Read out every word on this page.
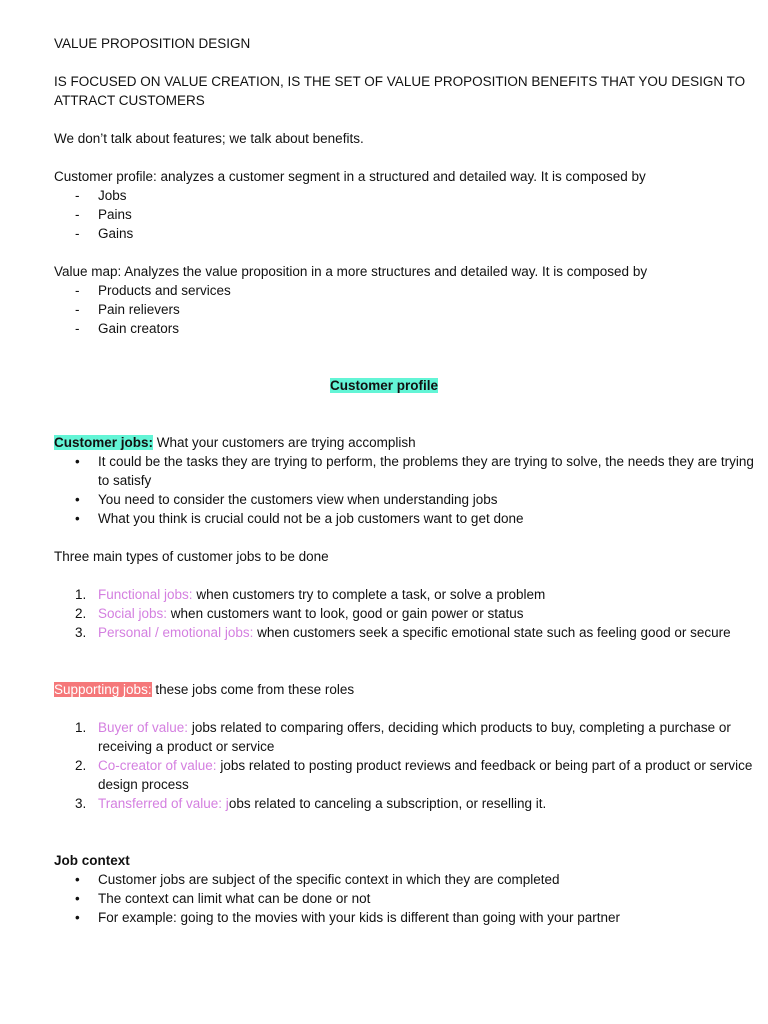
VALUE PROPOSITION DESIGN

IS FOCUSED ON VALUE CREATION, IS THE SET OF VALUE PROPOSITION BENEFITS THAT YOU DESIGN TO ATTRACT CUSTOMERS

We don’t talk about features; we talk about benefits.

Customer profile: analyzes a customer segment in a structured and detailed way. It is composed by

-	Jobs
-	Pains
-	Gains

Value map: Analyzes the value proposition in a more structures and detailed way. It is composed by

-	Products and services
-	Pain relievers
-	Gain creators
Customer profile

Customer jobs: What your customers are trying accomplish

•	It could be the tasks they are trying to perform, the problems they are trying to solve, the needs they are trying to satisfy
•	You need to consider the customers view when understanding jobs
•	What you think is crucial could not be a job customers want to get done

Three main types of customer jobs to be done

1. Functional jobs: when customers try to complete a task, or solve a problem
2. Social jobs: when customers want to look, good or gain power or status
3. Personal / emotional jobs: when customers seek a specific emotional state such as feeling good or secure

Supporting jobs: these jobs come from these roles

1. Buyer of value: jobs related to comparing offers, deciding which products to buy, completing a purchase or receiving a product or service
2. Co-creator of value: jobs related to posting product reviews and feedback or being part of a product or service design process
3. Transferred of value: jobs related to canceling a subscription, or reselling it.

Job context

•	Customer jobs are subject of the specific context in which they are completed
•	The context can limit what can be done or not
•	For example: going to the movies with your kids is different than going with your partner
